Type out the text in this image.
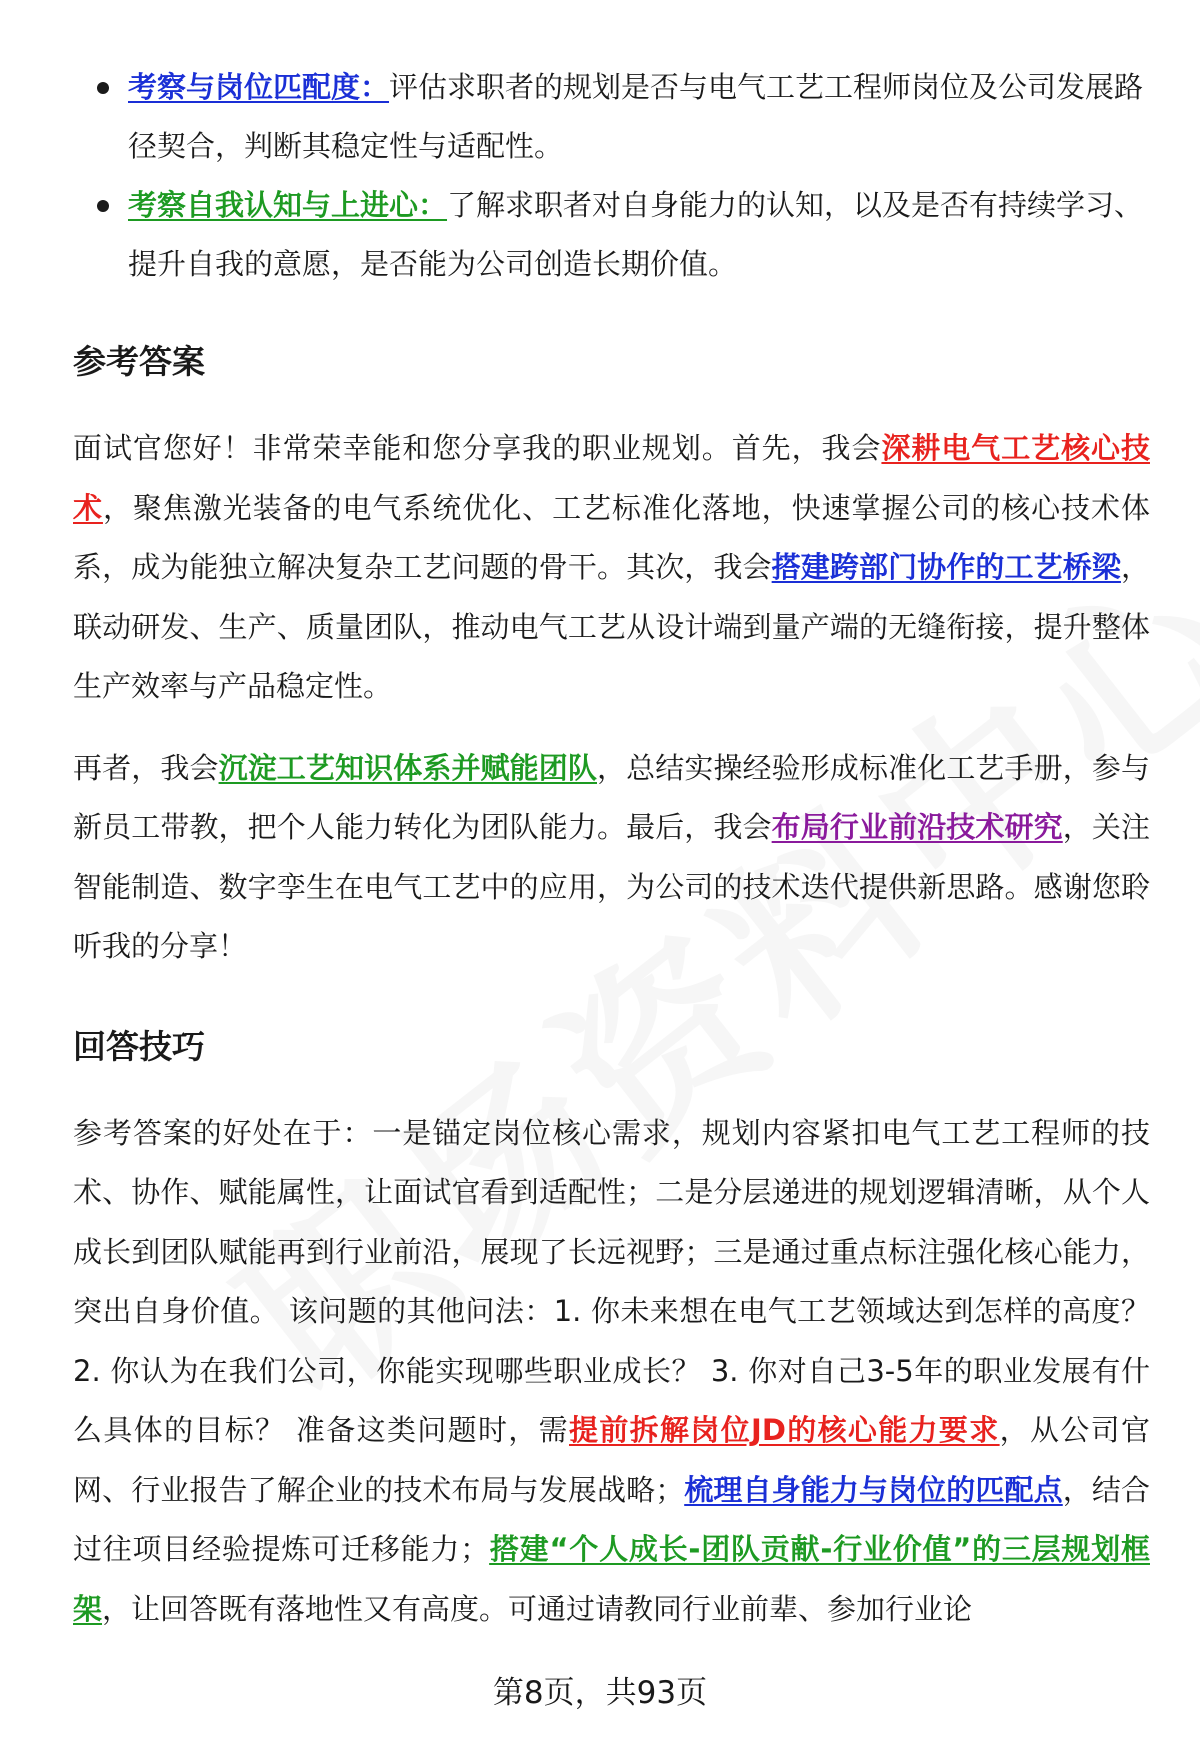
考察与岗位匹配度：评估求职者的规划是否与电气工艺工程师岗位及公司发展路径契合，判断其稳定性与适配性。
考察自我认知与上进心：了解求职者对自身能力的认知，以及是否有持续学习、提升自我的意愿，是否能为公司创造长期价值。
参考答案

面试官您好！非常荣幸能和您分享我的职业规划。首先，我会深耕电气工艺核心技术，聚焦激光装备的电气系统优化、工艺标准化落地，快速掌握公司的核心技术体系，成为能独立解决复杂工艺问题的骨干。其次，我会搭建跨部门协作的工艺桥梁，联动研发、生产、质量团队，推动电气工艺从设计端到量产端的无缝衔接，提升整体生产效率与产品稳定性。

再者，我会沉淀工艺知识体系并赋能团队，总结实操经验形成标准化工艺手册，参与新员工带教，把个人能力转化为团队能力。最后，我会布局行业前沿技术研究，关注智能制造、数字孪生在电气工艺中的应用，为公司的技术迭代提供新思路。感谢您聆听我的分享！

回答技巧

参考答案的好处在于：一是锚定岗位核心需求，规划内容紧扣电气工艺工程师的技术、协作、赋能属性，让面试官看到适配性；二是分层递进的规划逻辑清晰，从个人成长到团队赋能再到行业前沿，展现了长远视野；三是通过重点标注强化核心能力，突出自身价值。 该问题的其他问法：1. 你未来想在电气工艺领域达到怎样的高度？ 2. 你认为在我们公司，你能实现哪些职业成长？ 3. 你对自己3-5年的职业发展有什么具体的目标？ 准备这类问题时，需提前拆解岗位JD的核心能力要求，从公司官网、行业报告了解企业的技术布局与发展战略；梳理自身能力与岗位的匹配点，结合过往项目经验提炼可迁移能力；搭建“个人成长-团队贡献-行业价值”的三层规划框架，让回答既有落地性又有高度。可通过请教同行业前辈、参加行业论

第8页，共93页
